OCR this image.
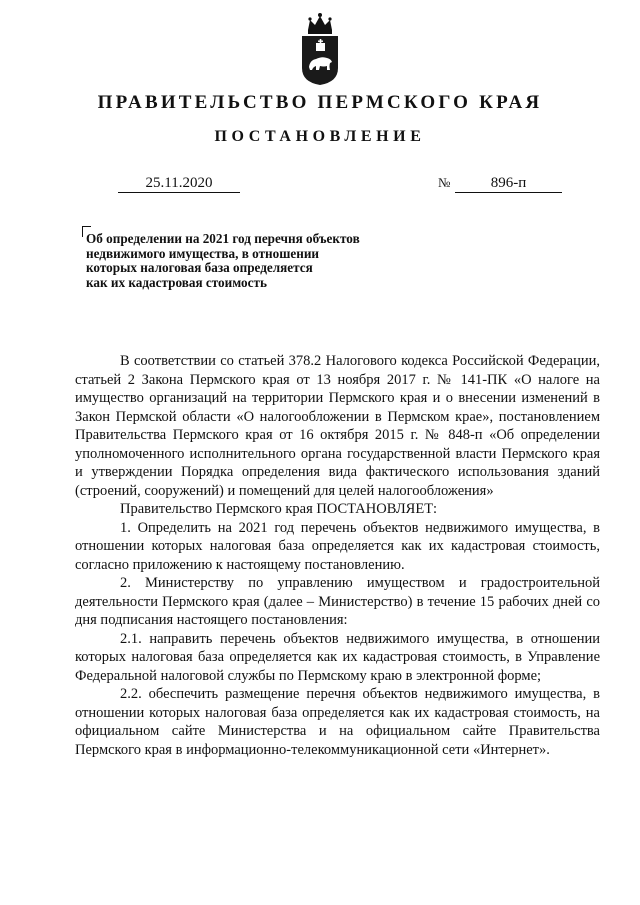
ПРАВИТЕЛЬСТВО ПЕРМСКОГО КРАЯ
ПОСТАНОВЛЕНИЕ
25.11.2020	№	896-п
Об определении на 2021 год перечня объектов
недвижимого имущества, в отношении
которых налоговая база определяется
как их кадастровая стоимость

В соответствии со статьей 378.2 Налогового кодекса Российской Федерации, статьей 2 Закона Пермского края от 13 ноября 2017 г. № 141-ПК «О налоге на имущество организаций на территории Пермского края и о внесении изменений в Закон Пермской области «О налогообложении в Пермском крае», постановлением Правительства Пермского края от 16 октября 2015 г. № 848-п «Об определении уполномоченного исполнительного органа государственной власти Пермского края и утверждении Порядка определения вида фактического использования зданий (строений, сооружений) и помещений для целей налогообложения»

Правительство Пермского края ПОСТАНОВЛЯЕТ:

1. Определить на 2021 год перечень объектов недвижимого имущества, в отношении которых налоговая база определяется как их кадастровая стоимость, согласно приложению к настоящему постановлению.

2. Министерству по управлению имуществом и градостроительной деятельности Пермского края (далее – Министерство) в течение 15 рабочих дней со дня подписания настоящего постановления:

2.1. направить перечень объектов недвижимого имущества, в отношении которых налоговая база определяется как их кадастровая стоимость, в Управление Федеральной налоговой службы по Пермскому краю в электронной форме;

2.2. обеспечить размещение перечня объектов недвижимого имущества, в отношении которых налоговая база определяется как их кадастровая стоимость, на официальном сайте Министерства и на официальном сайте Правительства Пермского края в информационно-телекоммуникационной сети «Интернет».
